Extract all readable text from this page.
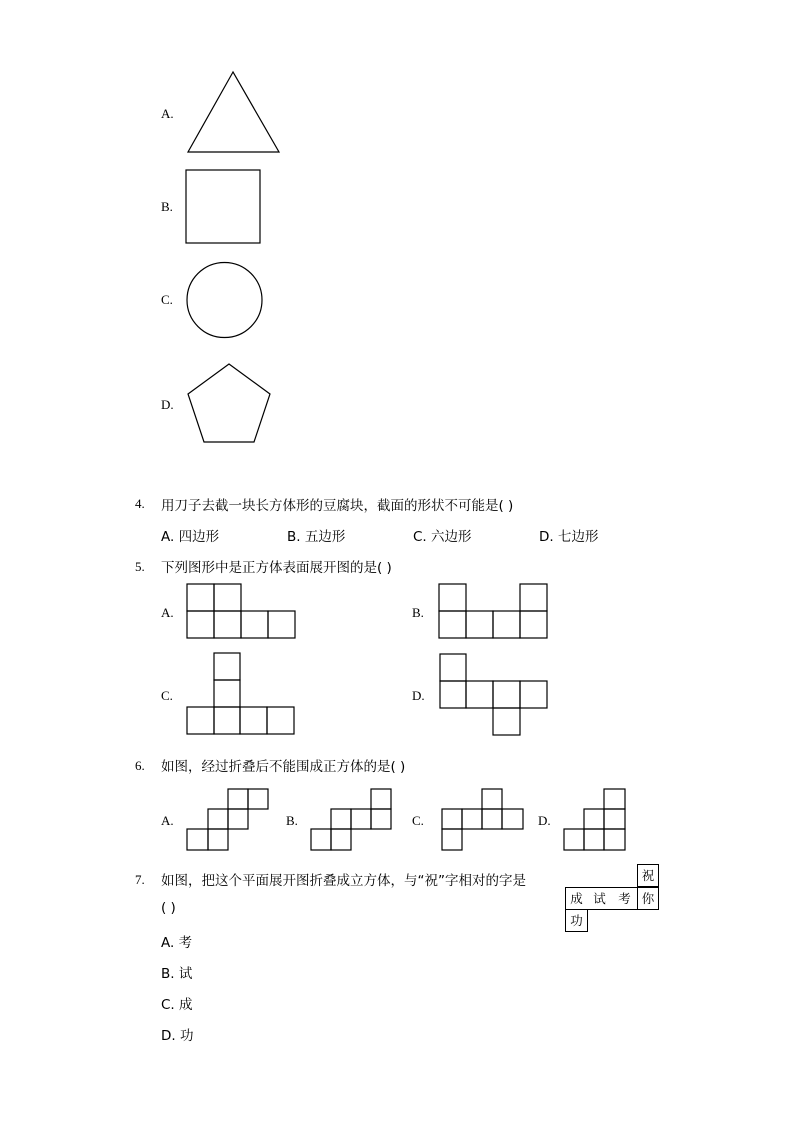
A.
B.
C.
D.
4. 用刀子去截一块长方体形的豆腐块，截面的形状不可能是( )
A. 四边形	B. 五边形	C. 六边形	D. 七边形
5. 下列图形中是正方体表面展开图的是( )
A.	B.
C.	D.
6. 如图，经过折叠后不能围成正方体的是( )
A.	B.	C.	D.
7. 如图，把这个平面展开图折叠成立方体，与“祝”字相对的字是
( )
A. 考
B. 试
C. 成
D. 功
祝
成 试 考 你
功
